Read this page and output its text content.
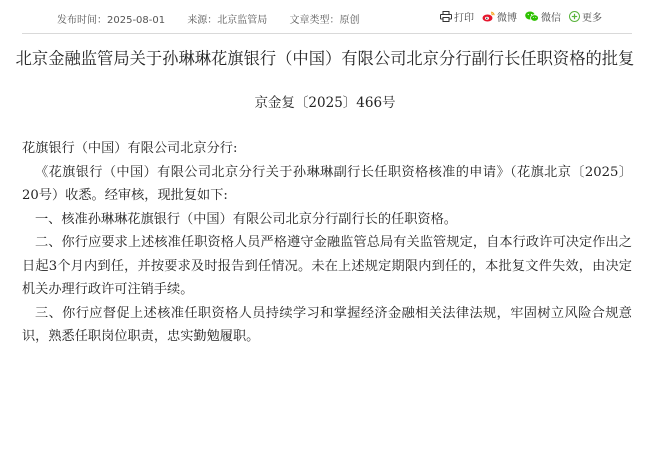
发布时间：2025-08-01 来源：北京监管局 文章类型：原创	打印 微博 微信 更多
北京金融监管局关于孙琳琳花旗银行（中国）有限公司北京分行副行长任职资格的批复
京金复〔2025〕466号

花旗银行（中国）有限公司北京分行:

《花旗银行（中国）有限公司北京分行关于孙琳琳副行长任职资格核准的申请》（花旗北京〔2025〕20号）收悉。经审核，现批复如下:

一、核准孙琳琳花旗银行（中国）有限公司北京分行副行长的任职资格。

二、你行应要求上述核准任职资格人员严格遵守金融监管总局有关监管规定，自本行政许可决定作出之日起3个月内到任，并按要求及时报告到任情况。未在上述规定期限内到任的，本批复文件失效，由决定机关办理行政许可注销手续。

三、你行应督促上述核准任职资格人员持续学习和掌握经济金融相关法律法规，牢固树立风险合规意识，熟悉任职岗位职责，忠实勤勉履职。
